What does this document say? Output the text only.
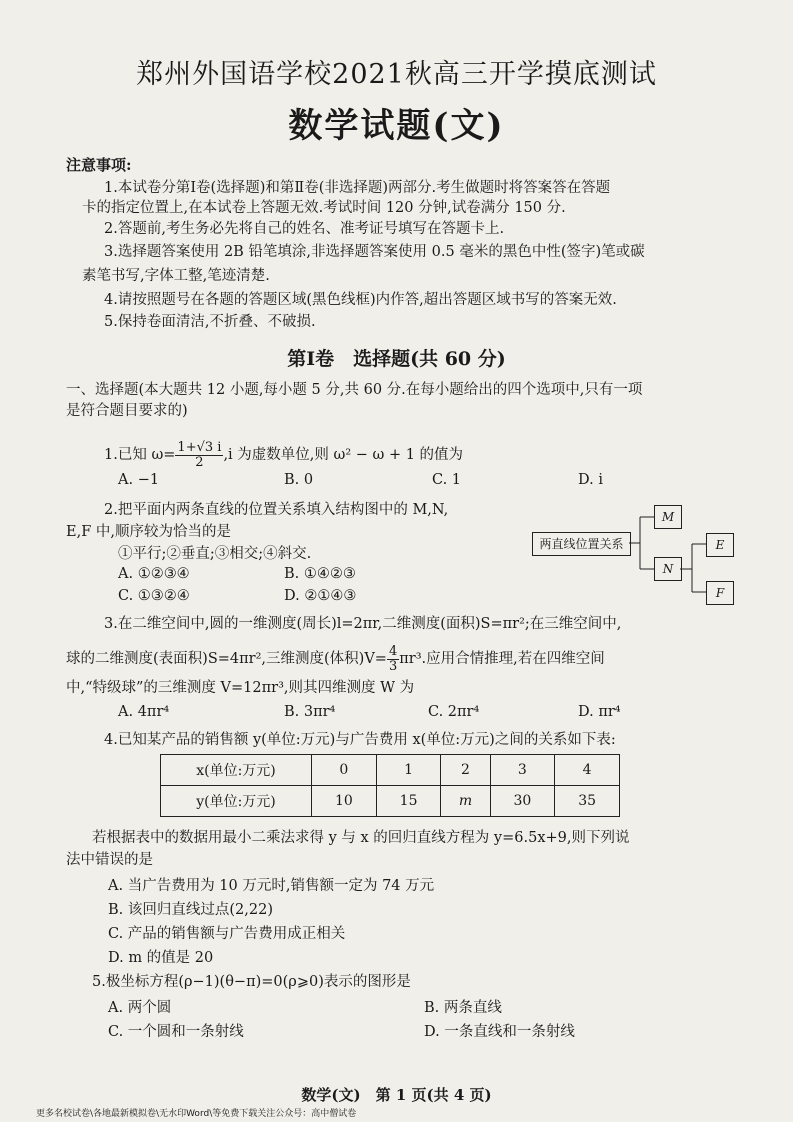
郑州外国语学校2021秋高三开学摸底测试
数学试题(文)
注意事项:
1.本试卷分第Ⅰ卷(选择题)和第Ⅱ卷(非选择题)两部分.考生做题时将答案答在答题
卡的指定位置上,在本试卷上答题无效.考试时间 120 分钟,试卷满分 150 分.
2.答题前,考生务必先将自己的姓名、准考证号填写在答题卡上.
3.选择题答案使用 2B 铅笔填涂,非选择题答案使用 0.5 毫米的黑色中性(签字)笔或碳
素笔书写,字体工整,笔迹清楚.
4.请按照题号在各题的答题区域(黑色线框)内作答,超出答题区域书写的答案无效.
5.保持卷面清洁,不折叠、不破损.
第Ⅰ卷　选择题(共 60 分)
一、选择题(本大题共 12 小题,每小题 5 分,共 60 分.在每小题给出的四个选项中,只有一项
是符合题目要求的)
1.已知 $\omega= \frac{1+√3 i}{2} ,i$ 为虚数单位,则 ω² − ω + 1 的值为
A. −1	B. 0	C. 1	D. i
2.把平面内两条直线的位置关系填入结构图中的 M,N,
E,F 中,顺序较为恰当的是
①平行;②垂直;③相交;④斜交.
A. ①②③④	B. ①④②③
C. ①③②④	D. ②①④③
两直线位置关系
M
N
E
F
3.在二维空间中,圆的一维测度(周长)l=2πr,二维测度(面积)S=πr²;在三维空间中,
球的二维测度(表面积)S=4πr²,三维测度(体积)$V= \frac{4}{3} \pi r^3$.应用合情推理,若在四维空间
中,“特级球”的三维测度 V=12πr³,则其四维测度 W 为
A. 4πr⁴	B. 3πr⁴	C. 2πr⁴	D. πr⁴
4.已知某产品的销售额 y(单位:万元)与广告费用 x(单位:万元)之间的关系如下表:
x(单位:万元)	0	1	2	3	4
y(单位:万元)	10	15	m	30	35
若根据表中的数据用最小二乘法求得 y 与 x 的回归直线方程为 y=6.5x+9,则下列说
法中错误的是
A. 当广告费用为 10 万元时,销售额一定为 74 万元
B. 该回归直线过点(2,22)
C. 产品的销售额与广告费用成正相关
D. m 的值是 20
5.极坐标方程(ρ−1)(θ−π)=0(ρ⩾0)表示的图形是
A. 两个圆	B. 两条直线
C. 一个圆和一条射线	D. 一条直线和一条射线
数学(文)　第 1 页(共 4 页)
更多名校试卷\各地最新模拟卷\无水印Word\等免费下载关注公众号：高中僧试卷
